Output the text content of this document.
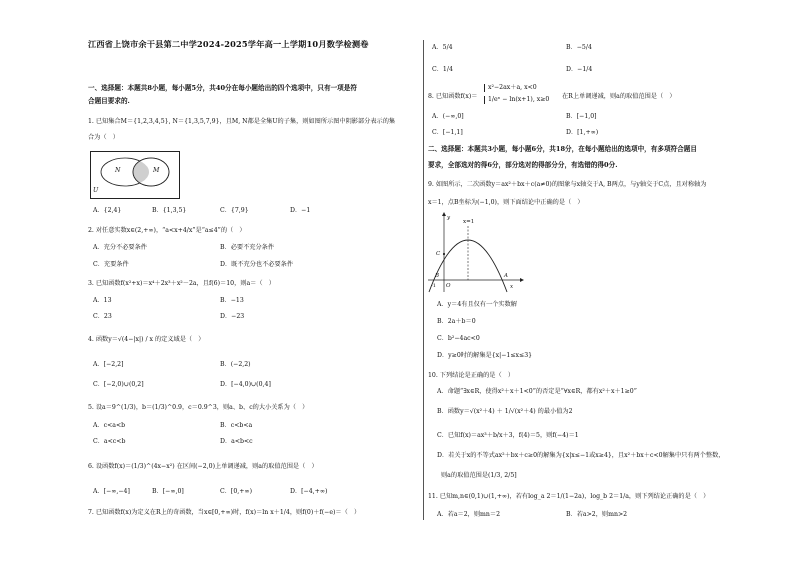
江西省上饶市余干县第二中学2024-2025学年高一上学期10月数学检测卷
一、选择题：本题共8小题，每小题5分，共40分在每小题给出的四个选项中，只有一项是符
合题目要求的.
1. 已知集合M＝{1,2,3,4,5}, N＝{1,3,5,7,9}，且M, N都是全集U的子集，则如图所示图中阴影部分表示的集
合为（　）
N	M
U
A．{2,4}	B．{1,3,5}	C．{7,9}	D．−1
2. 对任意实数x∈(2,+∞)，“a<x+4/x”是“a≤4”的（　）
A．充分不必要条件	B．必要不充分条件
C．充要条件	D．既不充分也不必要条件
3. 已知函数f(x²+x)＝x⁴＋2x³＋x²－2a，且f(6)＝10，则a＝（　）
A．13	B．−13
C．23	D．−23
4. 函数y＝√(4−|x|) / x 的定义域是（　）
A．[−2,2]	B．(−2,2)
C．[−2,0)∪(0,2]	D．[−4,0)∪(0,4]
5. 设a＝9^(1/3)，b＝(1/3)^0.9，c＝0.9^3，则a、b、c的大小关系为（　）
A．c<a<b	B．c<b<a
C．a<c<b	D．a<b<c
6. 设函数f(x)＝(1/3)^(4x−x²) 在区间(−2,0)上单调递减，则a的取值范围是（　）
A．[−∞,−4]	B．[−∞,0]	C．[0,+∞)	D．[−4,+∞)
7. 已知函数f(x)为定义在R上的奇函数，当x∈[0,+∞)时，f(x)＝ln x＋1/4，则f(0)＋f(−e)＝（　）
A．5/4	B．−5/4
C．1/4	D．−1/4
8. 已知函数f(x)＝
x²−2ax＋a, x<0
1/eˣ − ln(x+1), x≥0 在R上单调递减，则a的取值范围是（　）
A．(−∞,0]	B．[−1,0]
C．[−1,1]	D．[1,+∞)
二、选择题：本题共3小题，每小题6分，共18分，在每小题给出的选项中，有多项符合题目
要求，全部选对的得6分，部分选对的得部分分，有选错的得0分.
9. 如图所示，二次函数y＝ax²＋bx＋c(a≠0)的图象与x轴交于A, B两点，与y轴交于C点，且对称轴为
x＝1，点B坐标为(−1,0)，则下面结论中正确的是（　）
x=1
y
C
B
-1 O
A
x
A．y＝4有且仅有一个实数解
B．2a＋b＝0
C．b²−4ac<0
D．y≥0时的解集是{x|−1≤x≤3}
10. 下列结论是正确的是（　）
A．命题“∃x∈R，使得x²＋x＋1<0”的否定是“∀x∈R，都有x²＋x＋1≥0”
B．函数y＝√(x²＋4) ＋ 1/√(x²＋4) 的最小值为2
C．已知f(x)＝ax³＋b/x＋3，f(4)＝5，则f(−4)＝1
D．若关于x的不等式ax²＋bx＋c≥0的解集为{x|x≤−1或x≥4}，且x²＋bx＋c<0解集中只有两个整数，
则a的取值范围是(1/3, 2/5]
11. 已知m,n∈(0,1)∪(1,+∞)，若有log_a 2＝1/(1−2a)，log_b 2＝1/a，则下列结论正确的是（　）
A．若a＝2，则mn＝2	B．若a>2，则mn>2
